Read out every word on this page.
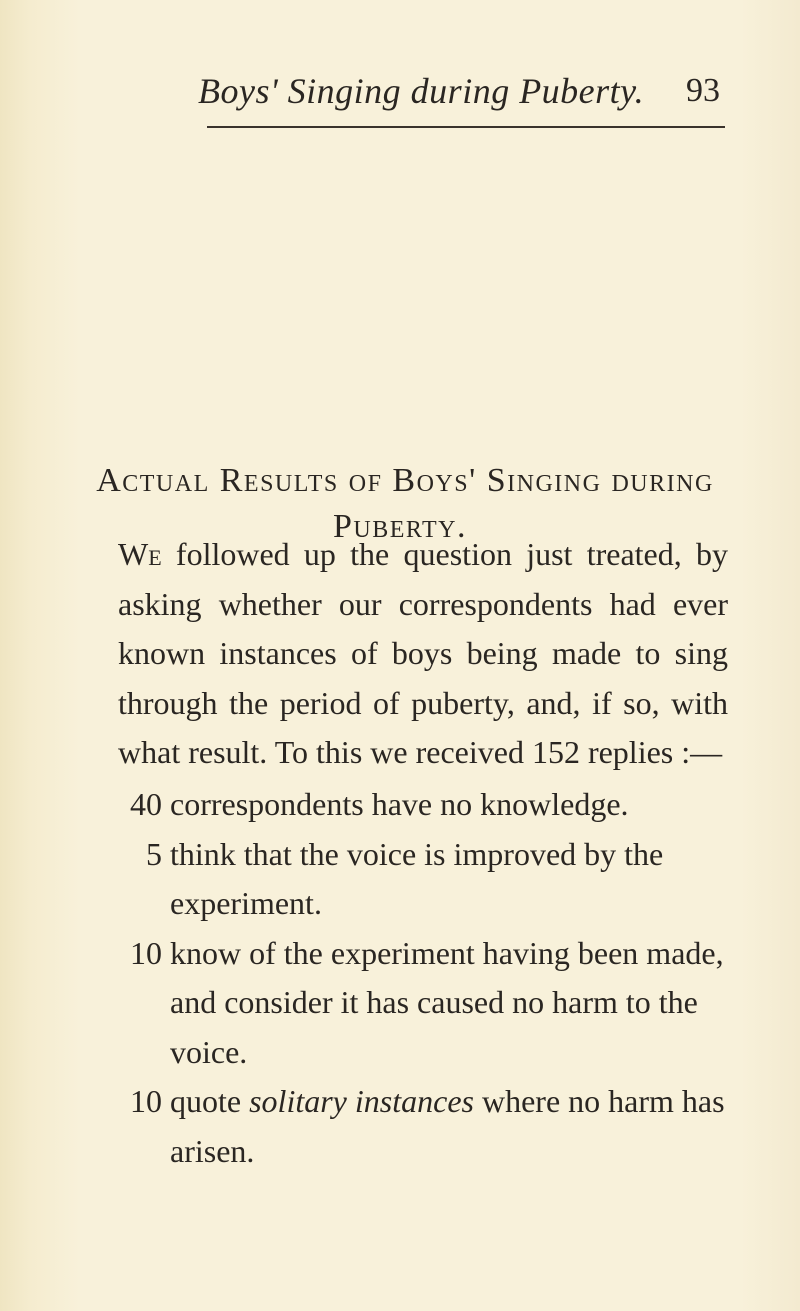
Boys' Singing during Puberty. 93
Actual Results of Boys' Singing during
Puberty.
We followed up the question just treated, by asking whether our correspondents had ever known instances of boys being made to sing through the period of puberty, and, if so, with what result. To this we received 152 replies :—
40 correspondents have no knowledge.
5 think that the voice is improved by the experiment.
10 know of the experiment having been made, and consider it has caused no harm to the voice.
10 quote solitary instances where no harm has arisen.
